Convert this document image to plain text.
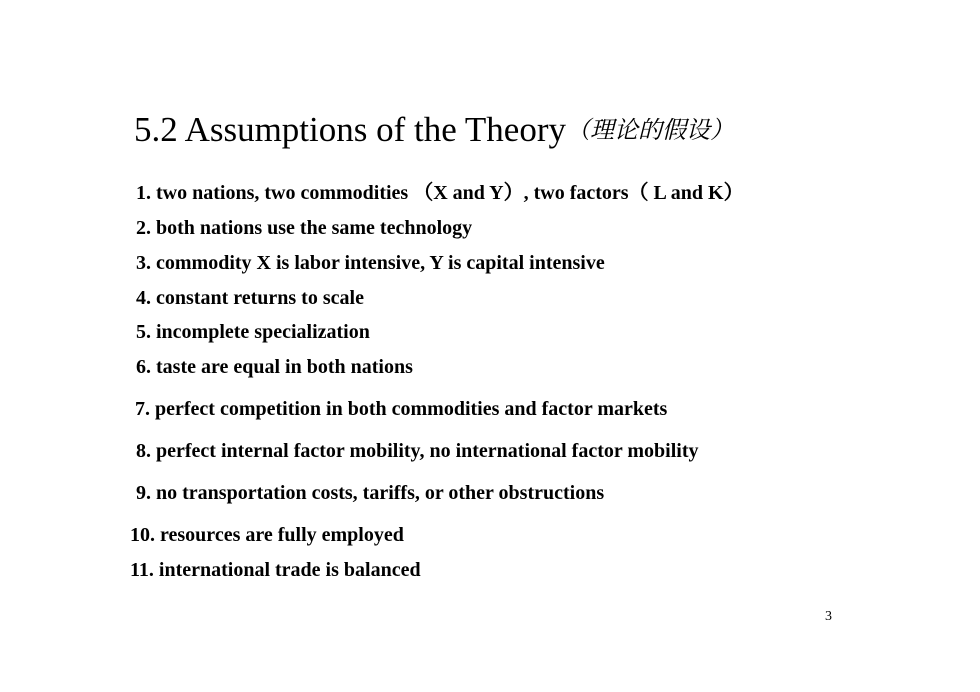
5.2 Assumptions of the Theory（理论的假设）
1. two nations, two commodities （X and Y）, two factors（ L and K）
2. both nations use the same technology
3. commodity X is labor intensive, Y is capital intensive
4. constant returns to scale
5. incomplete specialization
6. taste are equal in both nations
7. perfect competition in both commodities and factor markets
8. perfect internal factor mobility, no international factor mobility
9. no transportation costs, tariffs, or other obstructions
10. resources are fully employed
11. international trade is balanced
3
